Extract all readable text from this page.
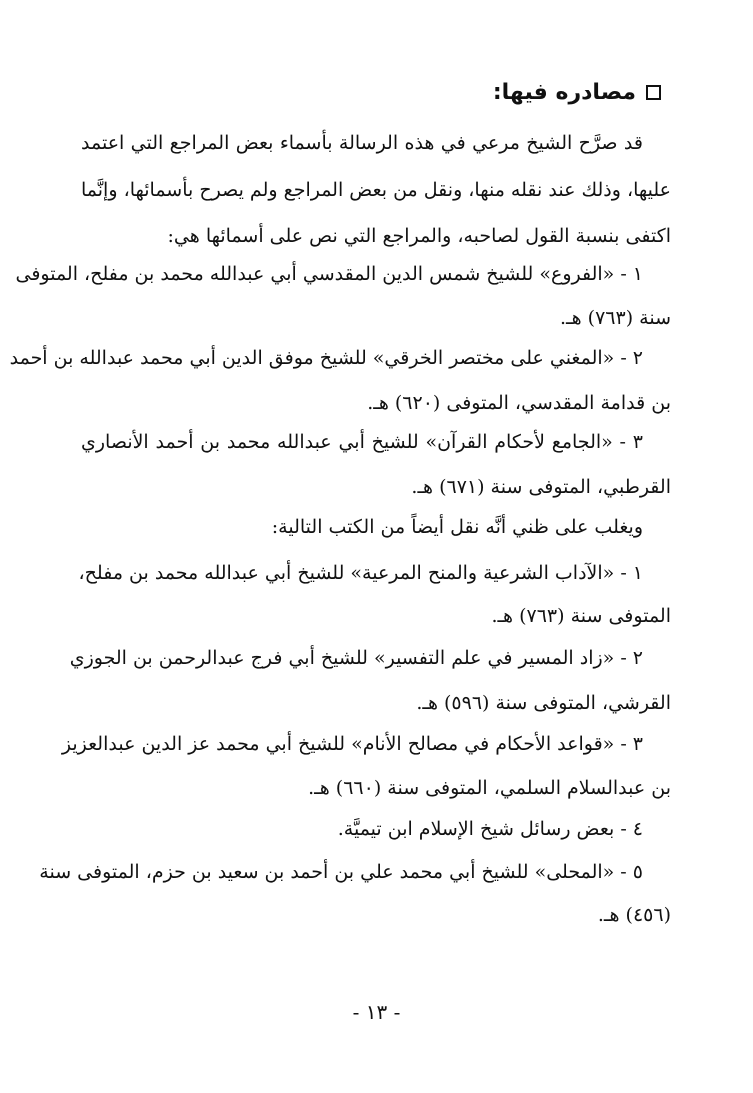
مصادره فيها:
قد صرَّح الشيخ مرعي في هذه الرسالة بأسماء بعض المراجع التي اعتمد
عليها، وذلك عند نقله منها، ونقل من بعض المراجع ولم يصرح بأسمائها، وإنَّما
اكتفى بنسبة القول لصاحبه، والمراجع التي نص على أسمائها هي:
١ - «الفروع» للشيخ شمس الدين المقدسي أبي عبدالله محمد بن مفلح، المتوفى
سنة (٧٦٣) هـ.
٢ - «المغني على مختصر الخرقي» للشيخ موفق الدين أبي محمد عبدالله بن أحمد
بن قدامة المقدسي، المتوفى (٦٢٠) هـ.
٣ - «الجامع لأحكام القرآن» للشيخ أبي عبدالله محمد بن أحمد الأنصاري
القرطبي، المتوفى سنة (٦٧١) هـ.
ويغلب على ظني أنَّه نقل أيضاً من الكتب التالية:
١ - «الآداب الشرعية والمنح المرعية» للشيخ أبي عبدالله محمد بن مفلح،
المتوفى سنة (٧٦٣) هـ.
٢ - «زاد المسير في علم التفسير» للشيخ أبي فرج عبدالرحمن بن الجوزي
القرشي، المتوفى سنة (٥٩٦) هـ.
٣ - «قواعد الأحكام في مصالح الأنام» للشيخ أبي محمد عز الدين عبدالعزيز
بن عبدالسلام السلمي، المتوفى سنة (٦٦٠) هـ.
٤ - بعض رسائل شيخ الإسلام ابن تيميَّة.
٥ - «المحلى» للشيخ أبي محمد علي بن أحمد بن سعيد بن حزم، المتوفى سنة
(٤٥٦) هـ.
- ١٣ -
